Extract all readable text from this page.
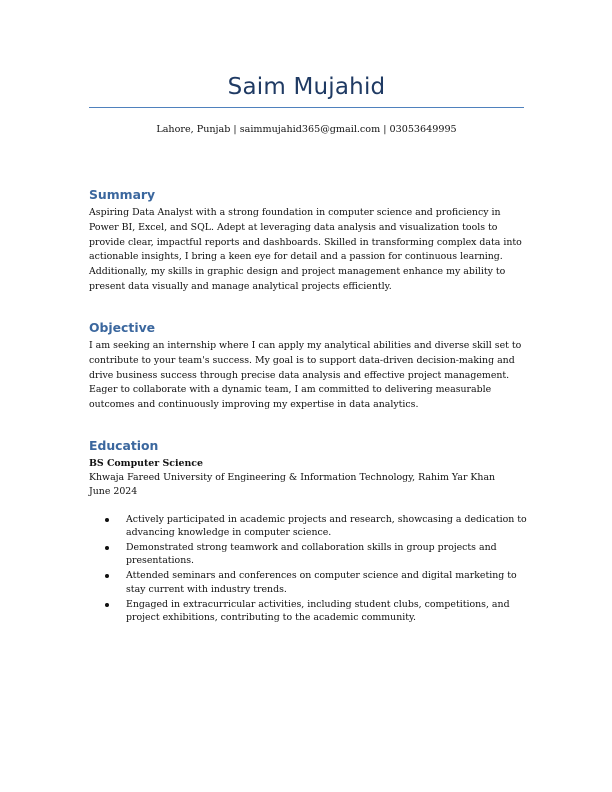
Saim Mujahid
Lahore, Punjab | saimmujahid365@gmail.com | 03053649995
Summary
Aspiring Data Analyst with a strong foundation in computer science and proficiency in
Power BI, Excel, and SQL. Adept at leveraging data analysis and visualization tools to
provide clear, impactful reports and dashboards. Skilled in transforming complex data into
actionable insights, I bring a keen eye for detail and a passion for continuous learning.
Additionally, my skills in graphic design and project management enhance my ability to
present data visually and manage analytical projects efficiently.
Objective
I am seeking an internship where I can apply my analytical abilities and diverse skill set to
contribute to your team's success. My goal is to support data-driven decision-making and
drive business success through precise data analysis and effective project management.
Eager to collaborate with a dynamic team, I am committed to delivering measurable
outcomes and continuously improving my expertise in data analytics.
Education
BS Computer Science
Khwaja Fareed University of Engineering & Information Technology, Rahim Yar Khan
June 2024
Actively participated in academic projects and research, showcasing a dedication to
advancing knowledge in computer science.
Demonstrated strong teamwork and collaboration skills in group projects and
presentations.
Attended seminars and conferences on computer science and digital marketing to
stay current with industry trends.
Engaged in extracurricular activities, including student clubs, competitions, and
project exhibitions, contributing to the academic community.
